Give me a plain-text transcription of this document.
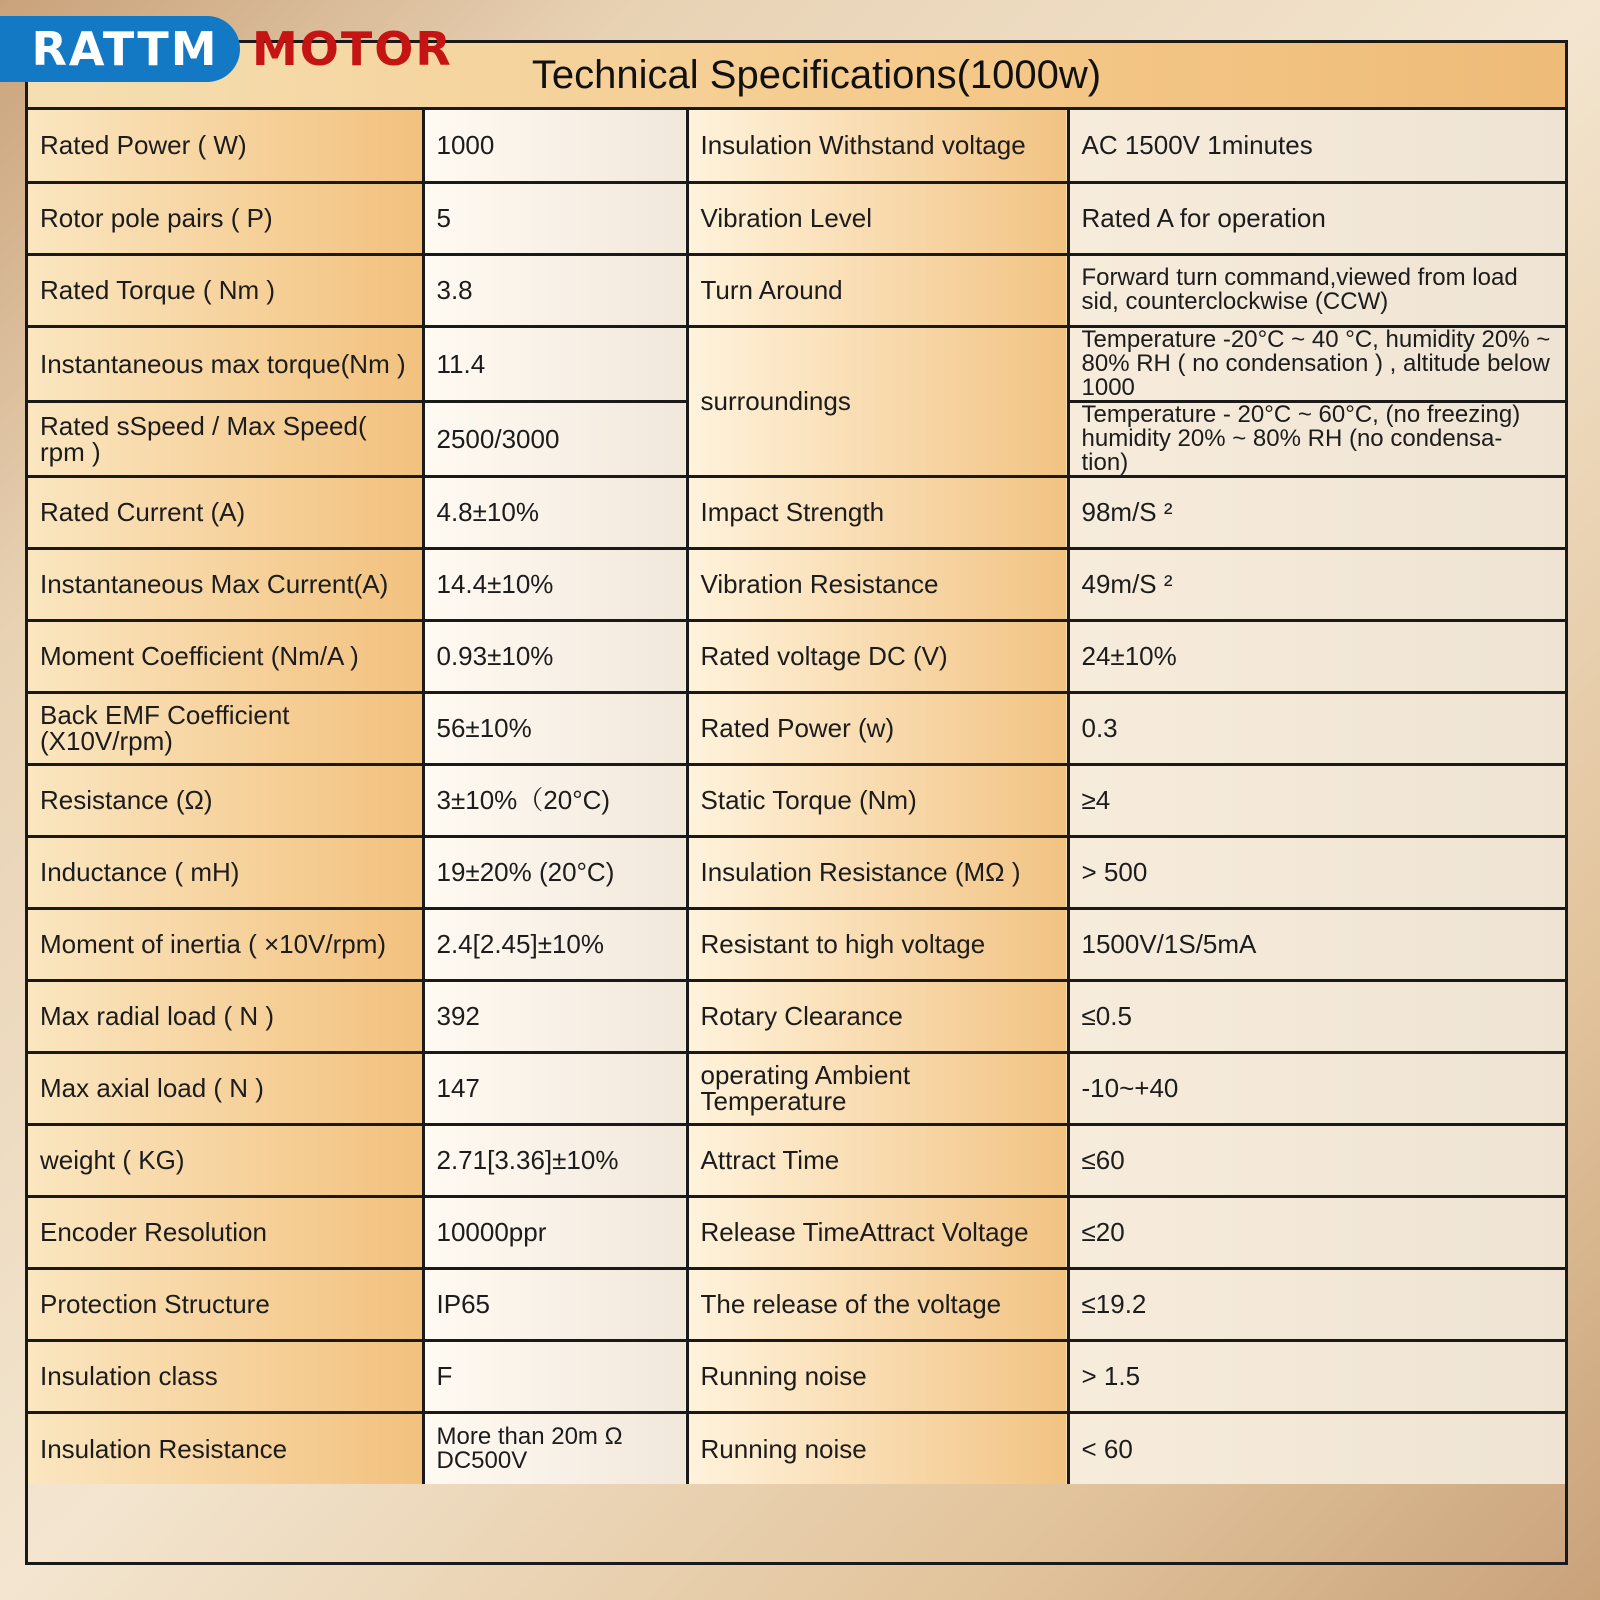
RATTM MOTOR	Technical Specifications(1000w)
Rated Power ( W)	1000	Insulation Withstand voltage	AC 1500V 1minutes
Rotor pole pairs ( P)	5	Vibration Level	Rated A for operation
Rated Torque ( Nm )	3.8	Turn Around	Forward turn command,viewed from load sid, counterclockwise (CCW)
Instantaneous max torque(Nm )	11.4	surroundings	Temperature -20°C ~ 40 °C, humidity 20% ~ 80% RH ( no condensation ) , altitude below 1000
Rated sSpeed / Max Speed( rpm )	2500/3000		Temperature - 20°C ~ 60°C, (no freezing) humidity 20% ~ 80% RH (no condensa- tion)
Rated Current (A)	4.8±10%	Impact Strength	98m/S ²
Instantaneous Max Current(A)	14.4±10%	Vibration Resistance	49m/S ²
Moment Coefficient (Nm/A )	0.93±10%	Rated voltage DC (V)	24±10%
Back EMF Coefficient (X10V/rpm)	56±10%	Rated Power (w)	0.3
Resistance (Ω)	3±10%（20°C)	Static Torque (Nm)	≥4
Inductance ( mH)	19±20% (20°C)	Insulation Resistance (MΩ )	> 500
Moment of inertia ( ×10V/rpm)	2.4[2.45]±10%	Resistant to high voltage	1500V/1S/5mA
Max radial load ( N )	392	Rotary Clearance	≤0.5
Max axial load ( N )	147	operating Ambient Temperature	-10~+40
weight ( KG)	2.71[3.36]±10%	Attract Time	≤60
Encoder Resolution	10000ppr	Release TimeAttract Voltage	≤20
Protection Structure	IP65	The release of the voltage	≤19.2
Insulation class	F	Running noise	> 1.5
Insulation Resistance	More than 20m Ω DC500V	Running noise	< 60
